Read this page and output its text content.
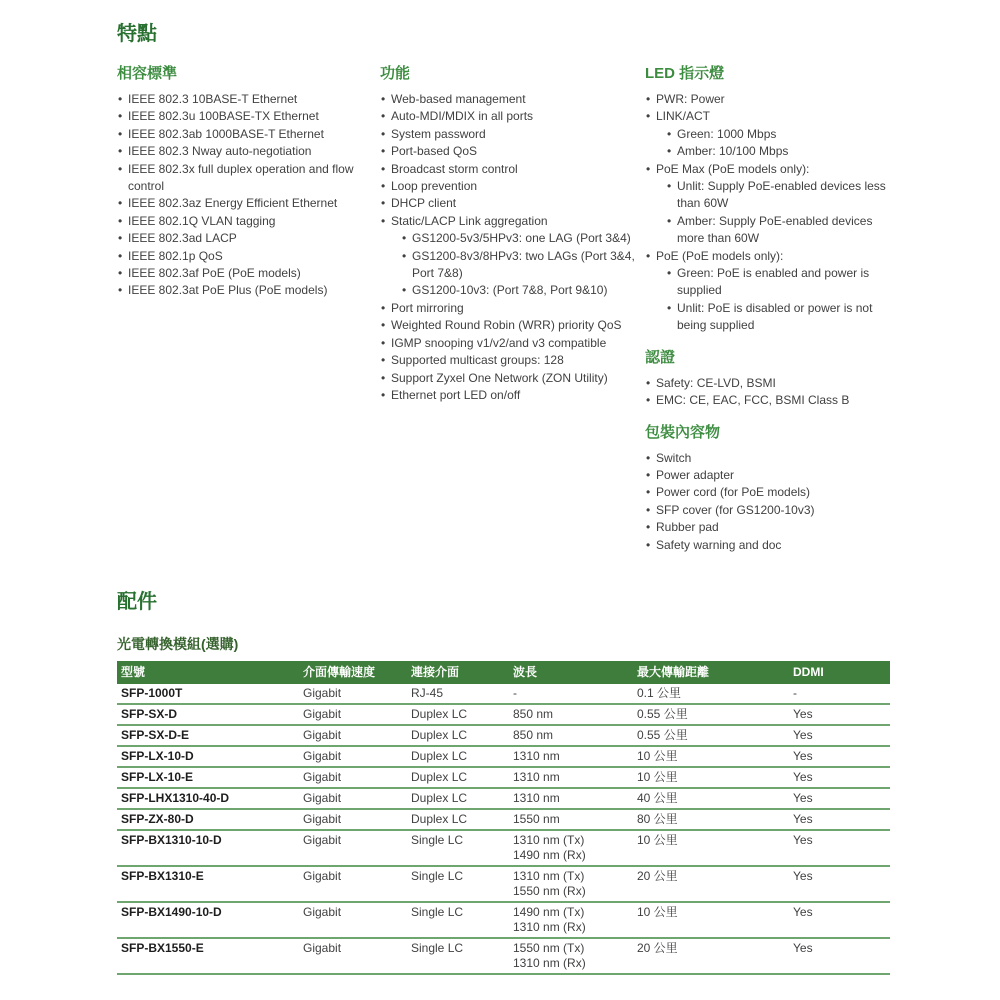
特點
相容標準
• IEEE 802.3 10BASE-T Ethernet
• IEEE 802.3u 100BASE-TX Ethernet
• IEEE 802.3ab 1000BASE-T Ethernet
• IEEE 802.3 Nway auto-negotiation
• IEEE 802.3x full duplex operation and flow control
• IEEE 802.3az Energy Efficient Ethernet
• IEEE 802.1Q VLAN tagging
• IEEE 802.3ad LACP
• IEEE 802.1p QoS
• IEEE 802.3af PoE (PoE models)
• IEEE 802.3at PoE Plus (PoE models)
功能
• Web-based management
• Auto-MDI/MDIX in all ports
• System password
• Port-based QoS
• Broadcast storm control
• Loop prevention
• DHCP client
• Static/LACP Link aggregation
• GS1200-5v3/5HPv3: one LAG (Port 3&4)
• GS1200-8v3/8HPv3: two LAGs (Port 3&4, Port 7&8)
• GS1200-10v3: (Port 7&8, Port 9&10)
• Port mirroring
• Weighted Round Robin (WRR) priority QoS
• IGMP snooping v1/v2/and v3 compatible
• Supported multicast groups: 128
• Support Zyxel One Network (ZON Utility)
• Ethernet port LED on/off
LED 指示燈
• PWR: Power
• LINK/ACT
• Green: 1000 Mbps
• Amber: 10/100 Mbps
• PoE Max (PoE models only):
• Unlit: Supply PoE-enabled devices less than 60W
• Amber: Supply PoE-enabled devices more than 60W
• PoE (PoE models only):
• Green: PoE is enabled and power is supplied
• Unlit: PoE is disabled or power is not being supplied
認證
• Safety: CE-LVD, BSMI
• EMC: CE, EAC, FCC, BSMI Class B
包裝內容物
• Switch
• Power adapter
• Power cord (for PoE models)
• SFP cover (for GS1200-10v3)
• Rubber pad
• Safety warning and doc
配件
光電轉換模組(選購)
型號	介面傳輸速度	連接介面	波長	最大傳輸距離	DDMI
SFP-1000T	Gigabit	RJ-45	-	0.1 公里	-
SFP-SX-D	Gigabit	Duplex LC	850 nm	0.55 公里	Yes
SFP-SX-D-E	Gigabit	Duplex LC	850 nm	0.55 公里	Yes
SFP-LX-10-D	Gigabit	Duplex LC	1310 nm	10 公里	Yes
SFP-LX-10-E	Gigabit	Duplex LC	1310 nm	10 公里	Yes
SFP-LHX1310-40-D	Gigabit	Duplex LC	1310 nm	40 公里	Yes
SFP-ZX-80-D	Gigabit	Duplex LC	1550 nm	80 公里	Yes
SFP-BX1310-10-D	Gigabit	Single LC	1310 nm (Tx)
1490 nm (Rx)	10 公里	Yes
SFP-BX1310-E	Gigabit	Single LC	1310 nm (Tx)
1550 nm (Rx)	20 公里	Yes
SFP-BX1490-10-D	Gigabit	Single LC	1490 nm (Tx)
1310 nm (Rx)	10 公里	Yes
SFP-BX1550-E	Gigabit	Single LC	1550 nm (Tx)
1310 nm (Rx)	20 公里	Yes
